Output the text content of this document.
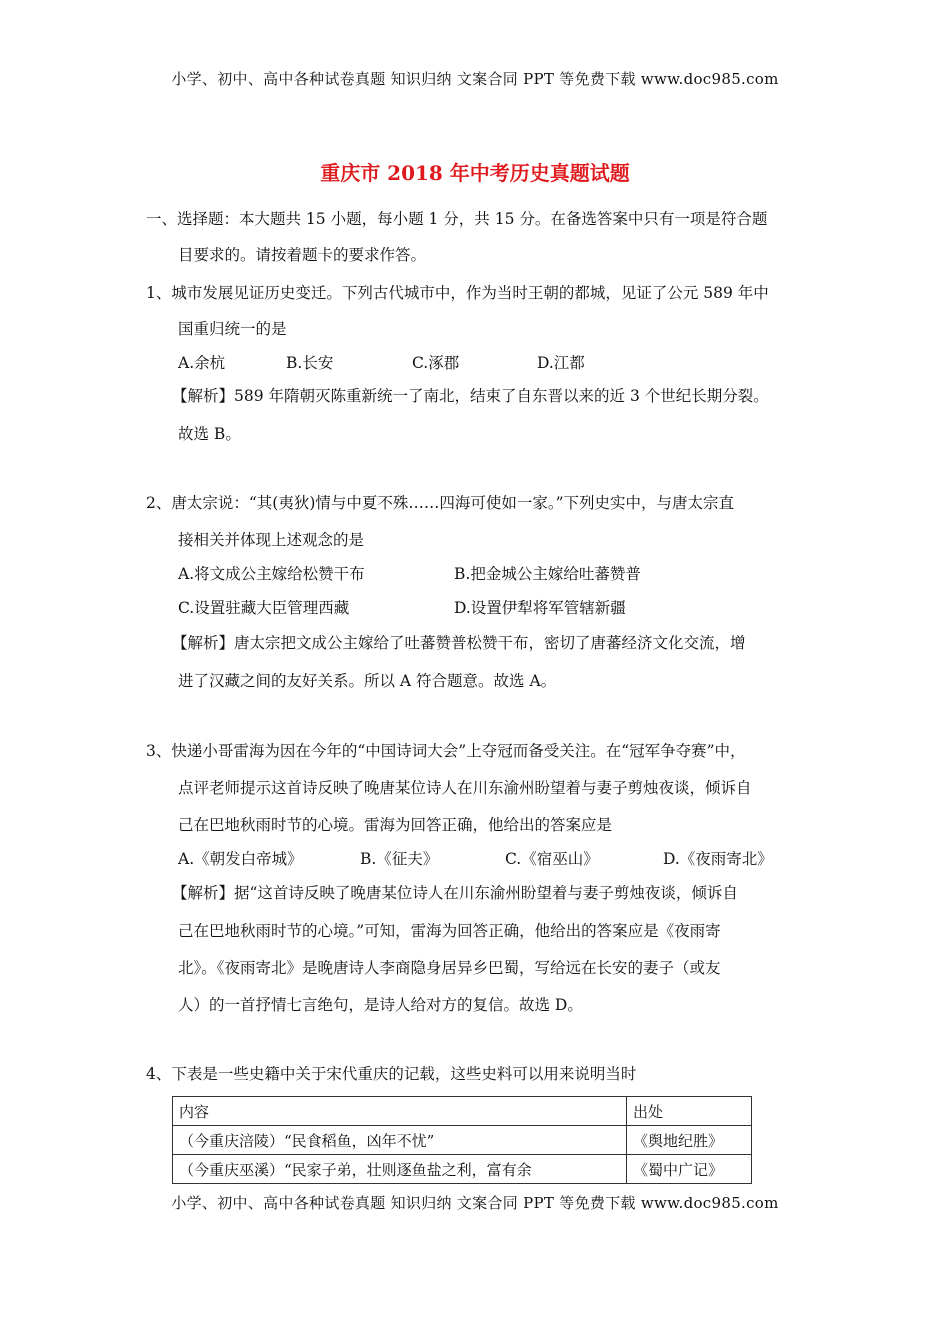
小学、初中、高中各种试卷真题 知识归纳 文案合同 PPT 等免费下载 www.doc985.com
重庆市 2018 年中考历史真题试题
一、选择题：本大题共 15 小题，每小题 1 分，共 15 分。在备选答案中只有一项是符合题
目要求的。请按着题卡的要求作答。
1、城市发展见证历史变迁。下列古代城市中，作为当时王朝的都城，见证了公元 589 年中
国重归统一的是
A.余杭	B.长安	C.涿郡	D.江都
【解析】589 年隋朝灭陈重新统一了南北，结束了自东晋以来的近 3 个世纪长期分裂。
故选 B。
2、唐太宗说：“其(夷狄)情与中夏不殊……四海可使如一家。”下列史实中，与唐太宗直
接相关并体现上述观念的是
A.将文成公主嫁给松赞干布	B.把金城公主嫁给吐蕃赞普
C.设置驻藏大臣管理西藏	D.设置伊犁将军管辖新疆
【解析】唐太宗把文成公主嫁给了吐蕃赞普松赞干布，密切了唐蕃经济文化交流，增
进了汉藏之间的友好关系。所以 A 符合题意。故选 A。
3、快递小哥雷海为因在今年的“中国诗词大会”上夺冠而备受关注。在“冠军争夺赛”中，
点评老师提示这首诗反映了晚唐某位诗人在川东渝州盼望着与妻子剪烛夜谈，倾诉自
己在巴地秋雨时节的心境。雷海为回答正确，他给出的答案应是
A.《朝发白帝城》	B.《征夫》	C.《宿巫山》	D.《夜雨寄北》
【解析】据“这首诗反映了晚唐某位诗人在川东渝州盼望着与妻子剪烛夜谈，倾诉自
己在巴地秋雨时节的心境。”可知，雷海为回答正确，他给出的答案应是《夜雨寄
北》。《夜雨寄北》是晚唐诗人李商隐身居异乡巴蜀，写给远在长安的妻子（或友
人）的一首抒情七言绝句，是诗人给对方的复信。故选 D。
4、下表是一些史籍中关于宋代重庆的记载，这些史料可以用来说明当时
内容	出处
（今重庆涪陵）“民食稻鱼，凶年不忧”	《舆地纪胜》
（今重庆巫溪）“民家子弟，壮则逐鱼盐之利，富有余	《蜀中广记》
小学、初中、高中各种试卷真题 知识归纳 文案合同 PPT 等免费下载 www.doc985.com
